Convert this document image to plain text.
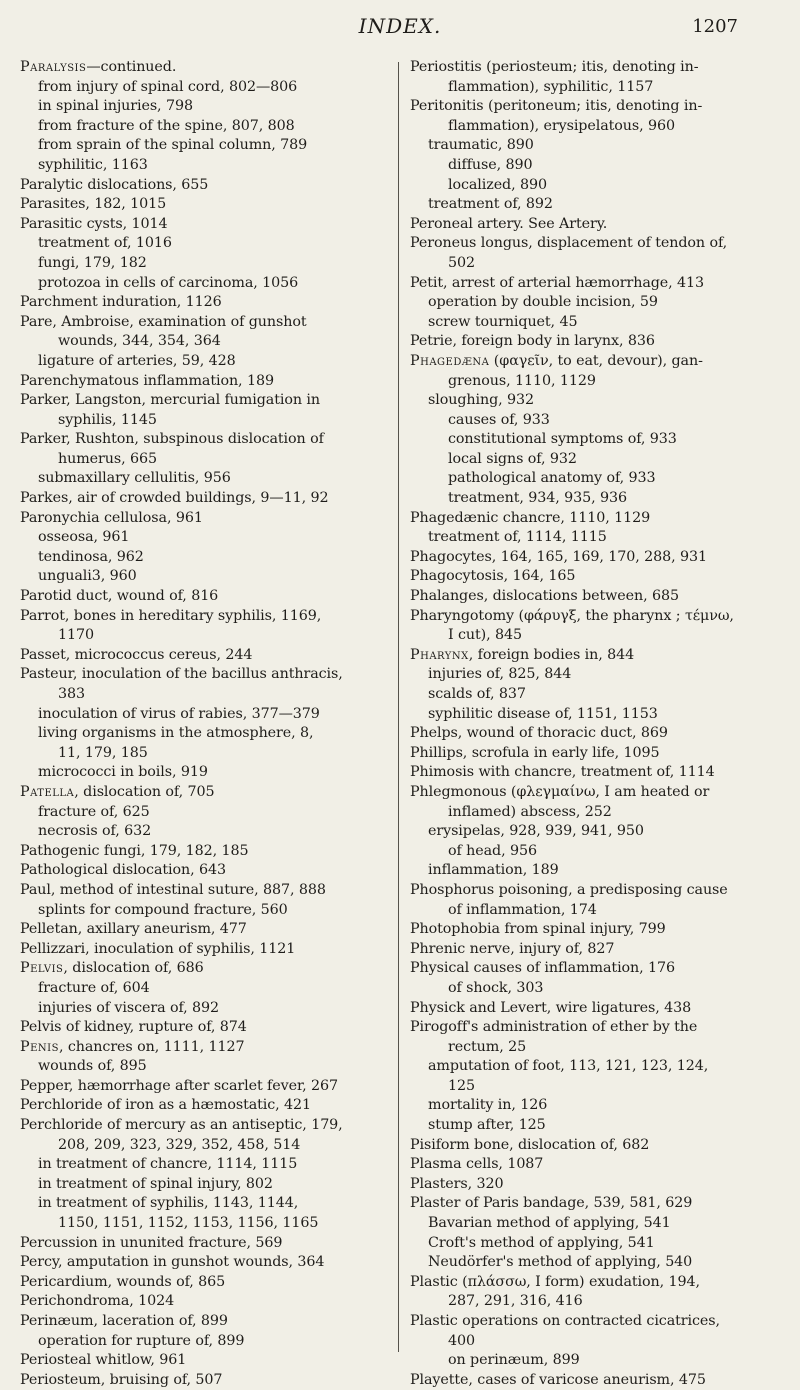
INDEX.	1207
Paralysis—continued.
from injury of spinal cord, 802—806
in spinal injuries, 798
from fracture of the spine, 807, 808
from sprain of the spinal column, 789
syphilitic, 1163
Paralytic dislocations, 655
Parasites, 182, 1015
Parasitic cysts, 1014
treatment of, 1016
fungi, 179, 182
protozoa in cells of carcinoma, 1056
Parchment induration, 1126
Pare, Ambroise, examination of gunshot
wounds, 344, 354, 364
ligature of arteries, 59, 428
Parenchymatous inflammation, 189
Parker, Langston, mercurial fumigation in
syphilis, 1145
Parker, Rushton, subspinous dislocation of
humerus, 665
submaxillary cellulitis, 956
Parkes, air of crowded buildings, 9—11, 92
Paronychia cellulosa, 961
osseosa, 961
tendinosa, 962
unguali3, 960
Parotid duct, wound of, 816
Parrot, bones in hereditary syphilis, 1169,
1170
Passet, micrococcus cereus, 244
Pasteur, inoculation of the bacillus anthracis,
383
inoculation of virus of rabies, 377—379
living organisms in the atmosphere, 8,
11, 179, 185
micrococci in boils, 919
Patella, dislocation of, 705
fracture of, 625
necrosis of, 632
Pathogenic fungi, 179, 182, 185
Pathological dislocation, 643
Paul, method of intestinal suture, 887, 888
splints for compound fracture, 560
Pelletan, axillary aneurism, 477
Pellizzari, inoculation of syphilis, 1121
Pelvis, dislocation of, 686
fracture of, 604
injuries of viscera of, 892
Pelvis of kidney, rupture of, 874
Penis, chancres on, 1111, 1127
wounds of, 895
Pepper, hæmorrhage after scarlet fever, 267
Perchloride of iron as a hæmostatic, 421
Perchloride of mercury as an antiseptic, 179,
208, 209, 323, 329, 352, 458, 514
in treatment of chancre, 1114, 1115
in treatment of spinal injury, 802
in treatment of syphilis, 1143, 1144,
1150, 1151, 1152, 1153, 1156, 1165
Percussion in ununited fracture, 569
Percy, amputation in gunshot wounds, 364
Pericardium, wounds of, 865
Perichondroma, 1024
Perinæum, laceration of, 899
operation for rupture of, 899
Periosteal whitlow, 961
Periosteum, bruising of, 507
Periostitis (periosteum; itis, denoting in-
flammation), syphilitic, 1157
Peritonitis (peritoneum; itis, denoting in-
flammation), erysipelatous, 960
traumatic, 890
diffuse, 890
localized, 890
treatment of, 892
Peroneal artery. See Artery.
Peroneus longus, displacement of tendon of,
502
Petit, arrest of arterial hæmorrhage, 413
operation by double incision, 59
screw tourniquet, 45
Petrie, foreign body in larynx, 836
Phagedæna (φαγεῖν, to eat, devour), gan-
grenous, 1110, 1129
sloughing, 932
causes of, 933
constitutional symptoms of, 933
local signs of, 932
pathological anatomy of, 933
treatment, 934, 935, 936
Phagedænic chancre, 1110, 1129
treatment of, 1114, 1115
Phagocytes, 164, 165, 169, 170, 288, 931
Phagocytosis, 164, 165
Phalanges, dislocations between, 685
Pharyngotomy (φάρυγξ, the pharynx ; τέμνω,
I cut), 845
Pharynx, foreign bodies in, 844
injuries of, 825, 844
scalds of, 837
syphilitic disease of, 1151, 1153
Phelps, wound of thoracic duct, 869
Phillips, scrofula in early life, 1095
Phimosis with chancre, treatment of, 1114
Phlegmonous (φλεγμαίνω, I am heated or
inflamed) abscess, 252
erysipelas, 928, 939, 941, 950
of head, 956
inflammation, 189
Phosphorus poisoning, a predisposing cause
of inflammation, 174
Photophobia from spinal injury, 799
Phrenic nerve, injury of, 827
Physical causes of inflammation, 176
of shock, 303
Physick and Levert, wire ligatures, 438
Pirogoff's administration of ether by the
rectum, 25
amputation of foot, 113, 121, 123, 124,
125
mortality in, 126
stump after, 125
Pisiform bone, dislocation of, 682
Plasma cells, 1087
Plasters, 320
Plaster of Paris bandage, 539, 581, 629
Bavarian method of applying, 541
Croft's method of applying, 541
Neudörfer's method of applying, 540
Plastic (πλάσσω, I form) exudation, 194,
287, 291, 316, 416
Plastic operations on contracted cicatrices,
400
on perinæum, 899
Playette, cases of varicose aneurism, 475
